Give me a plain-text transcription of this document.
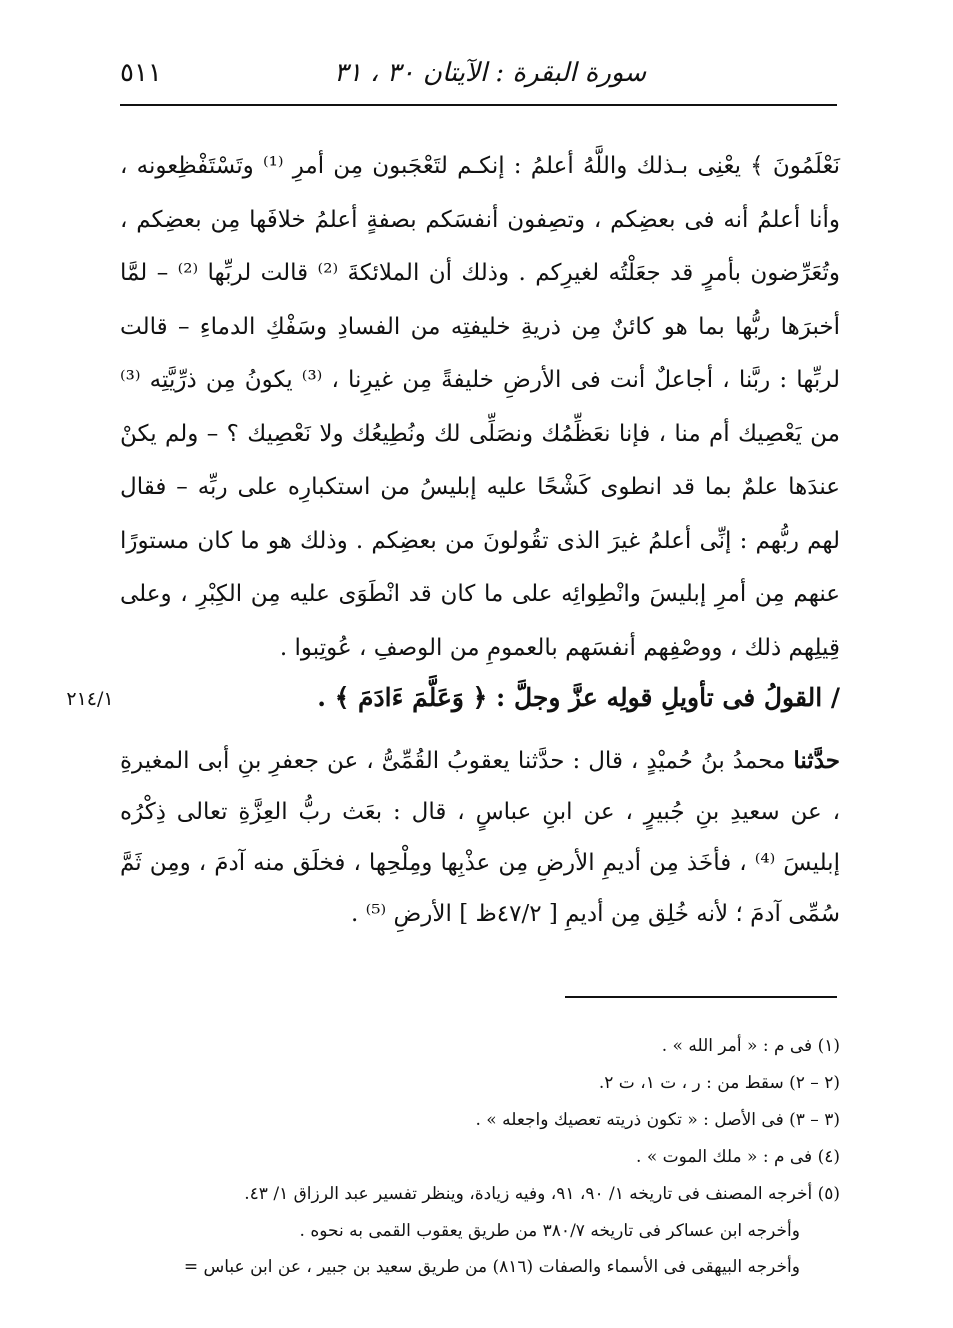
٥١١	سورة البقرة : الآيتان ٣٠ ، ٣١

نَعْلَمُونَ ﴾ يعْنِى بـذلك واللَّهُ أعلمُ : إنكـم لتَعْجَبون مِن أمرِ ⁽¹⁾ وتَسْتَفْظِعونه ، وأنا أعلمُ أنه فى بعضِكم ، وتصِفون أنفسَكم بصفةٍ أعلمُ خلافَها مِن بعضِكم ، وتُعَرِّضون بأمرٍ قد جعَلْتُه لغيرِكم . وذلك أن الملائكةَ ⁽²⁾ قالت لربِّها ⁽²⁾ – لمَّا أخبرَها ربُّها بما هو كائنٌ مِن ذريةِ خليفتِه من الفسادِ وسَفْكِ الدماءِ – قالت لربِّها : ربَّنا ، أجاعلٌ أنت فى الأرضِ خليفةً مِن غيرِنا ، ⁽³⁾ يكونُ مِن ذرِّيَّتِه ⁽³⁾ من يَعْصِيك أم منا ، فإنا نعَظِّمُك ونصَلِّى لك ونُطِيعُك ولا نَعْصِيك ؟ – ولم يكنْ عندَها علمٌ بما قد انطوى كَشْحًا عليه إبليسُ من استكبارِه على ربِّه – فقال لهم ربُّهم : إنِّى أعلمُ غيرَ الذى تقُولونَ من بعضِكم . وذلك هو ما كان مستورًا عنهم مِن أمرِ إبليسَ وانْطِوائِه على ما كان قد انْطَوَى عليه مِن الكِبْرِ ، وعلى قِيلِهم ذلك ، ووصْفِهم أنفسَهم بالعمومِ من الوصفِ ، عُوتِبوا .

٢١٤/١	/ القولُ فى تأويلِ قولِه عزَّ وجلَّ : ﴿ وَعَلَّمَ ءَادَمَ ﴾ .

حدَّثنا محمدُ بنُ حُميْدٍ ، قال : حدَّثنا يعقوبُ القُمِّىُّ ، عن جعفرِ بنِ أبى المغيرةِ ، عن سعيدِ بنِ جُبيرٍ ، عن ابنِ عباسٍ ، قال : بعَث ربُّ العِزَّةِ تعالى ذِكْرُه إبليسَ ⁽⁴⁾ ، فأخَذ مِن أديمِ الأرضِ مِن عذْبِها ومِلْحِها ، فخلَق منه آدمَ ، ومِن ثَمَّ سُمِّى آدمَ ؛ لأنه خُلِق مِن أديمِ [ ٤٧/٢ظ ] الأرضِ ⁽⁵⁾ .

(١) فى م : « أمر الله » .
(٢ – ٢) سقط من : ر ، ت ١، ت ٢.
(٣ – ٣) فى الأصل : « تكون ذريته تعصيك واجعله » .
(٤) فى م : « ملك الموت » .
(٥) أخرجه المصنف فى تاريخه ١/ ٩٠، ٩١، وفيه زيادة، وينظر تفسير عبد الرزاق ١/ ٤٣.
وأخرجه ابن عساكر فى تاريخه ٣٨٠/٧ من طريق يعقوب القمى به نحوه .
وأخرجه البيهقى فى الأسماء والصفات (٨١٦) من طريق سعيد بن جبير ، عن ابن عباس =
